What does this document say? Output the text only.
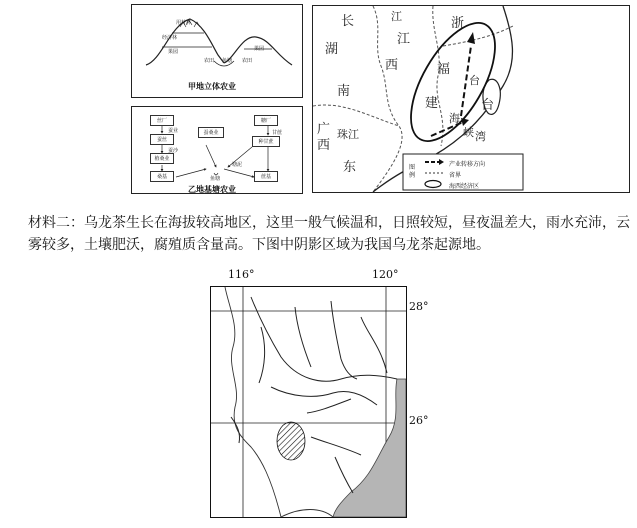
用材林
经济林
果园
农田 鱼塘 农田
果园
甲地立体农业
丝厂
蚕业	蚕桑业
桑基
植桑业
蚕沙
蚕丝
鱼塘
糖厂
甘蔗
种甘蔗
塘泥
蔗基
乙地基塘农业
长	江	浙
湖
江
西	福
建
南
台
湾
广
西
珠江
东
海
峡
台
图例
产业转移方向
省界
海西经济区
材料二：乌龙茶生长在海拔较高地区，这里一般气候温和，日照较短，昼夜温差大，雨水充沛，云雾较多，土壤肥沃，腐殖质含量高。下图中阴影区域为我国乌龙茶起源地。
116°	120°
28°
26°
